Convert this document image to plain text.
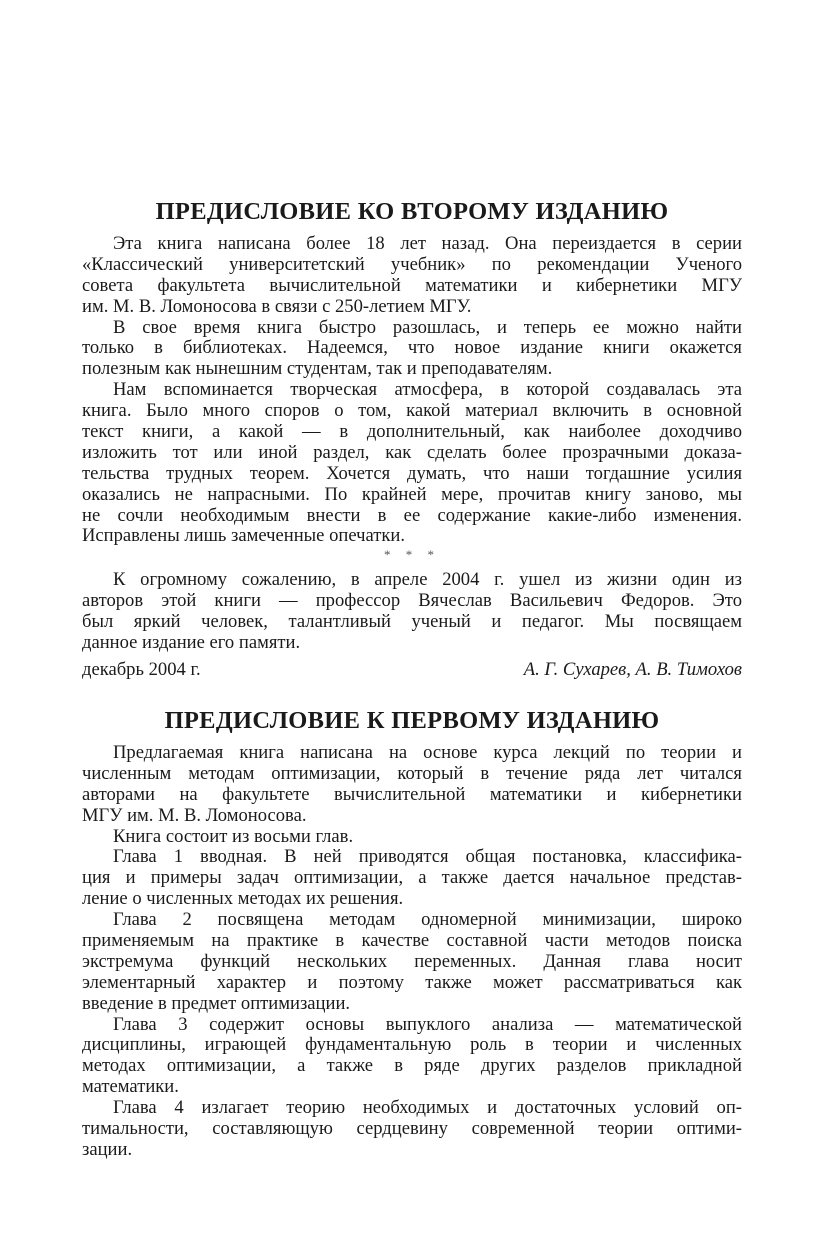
ПРЕДИСЛОВИЕ КО ВТОРОМУ ИЗДАНИЮ
Эта книга написана более 18 лет назад. Она переиздается в серии
«Классический университетский учебник» по рекомендации Ученого
совета факультета вычислительной математики и кибернетики МГУ
им. М. В. Ломоносова в связи с 250-летием МГУ.
В свое время книга быстро разошлась, и теперь ее можно найти
только в библиотеках. Надеемся, что новое издание книги окажется
полезным как нынешним студентам, так и преподавателям.
Нам вспоминается творческая атмосфера, в которой создавалась эта
книга. Было много споров о том, какой материал включить в основной
текст книги, а какой — в дополнительный, как наиболее доходчиво
изложить тот или иной раздел, как сделать более прозрачными доказа-
тельства трудных теорем. Хочется думать, что наши тогдашние усилия
оказались не напрасными. По крайней мере, прочитав книгу заново, мы
не сочли необходимым внести в ее содержание какие-либо изменения.
Исправлены лишь замеченные опечатки.
* * *
К огромному сожалению, в апреле 2004 г. ушел из жизни один из
авторов этой книги — профессор Вячеслав Васильевич Федоров. Это
был яркий человек, талантливый ученый и педагог. Мы посвящаем
данное издание его памяти.
декабрь 2004 г.	А. Г. Сухарев, А. В. Тимохов
ПРЕДИСЛОВИЕ К ПЕРВОМУ ИЗДАНИЮ
Предлагаемая книга написана на основе курса лекций по теории и
численным методам оптимизации, который в течение ряда лет читался
авторами на факультете вычислительной математики и кибернетики
МГУ им. М. В. Ломоносова.
Книга состоит из восьми глав.
Глава 1 вводная. В ней приводятся общая постановка, классифика-
ция и примеры задач оптимизации, а также дается начальное представ-
ление о численных методах их решения.
Глава 2 посвящена методам одномерной минимизации, широко
применяемым на практике в качестве составной части методов поиска
экстремума функций нескольких переменных. Данная глава носит
элементарный характер и поэтому также может рассматриваться как
введение в предмет оптимизации.
Глава 3 содержит основы выпуклого анализа — математической
дисциплины, играющей фундаментальную роль в теории и численных
методах оптимизации, а также в ряде других разделов прикладной
математики.
Глава 4 излагает теорию необходимых и достаточных условий оп-
тимальности, составляющую сердцевину современной теории оптими-
зации.
